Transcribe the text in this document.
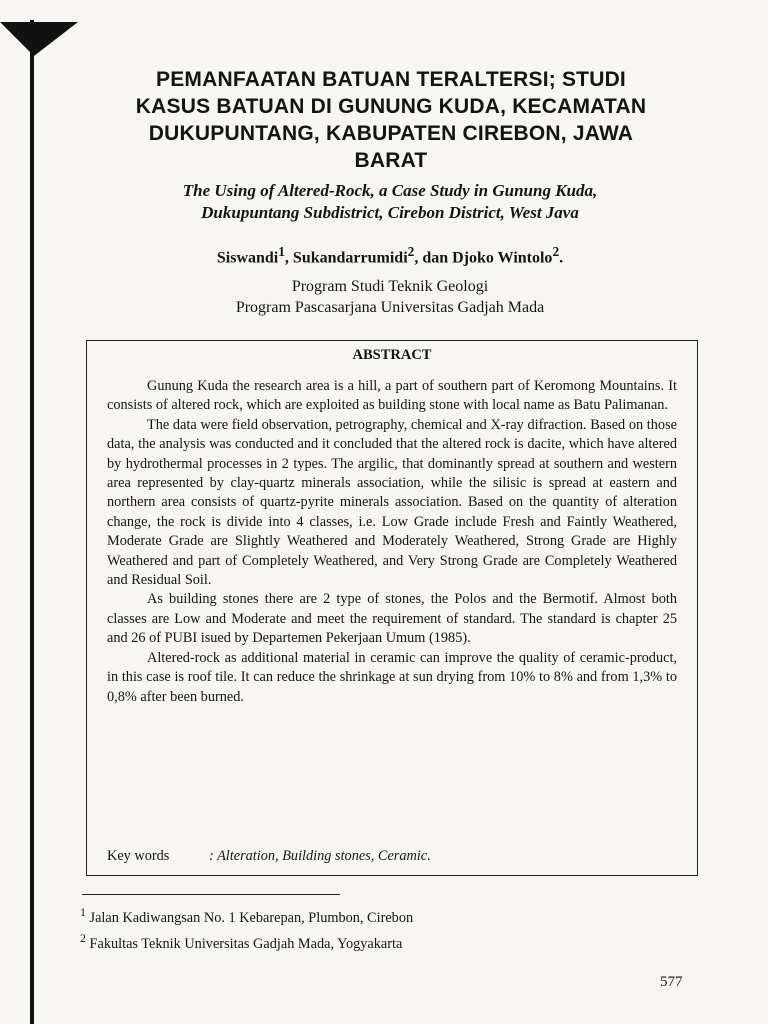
PEMANFAATAN BATUAN TERALTERSI; STUDI
KASUS BATUAN DI GUNUNG KUDA, KECAMATAN
DUKUPUNTANG, KABUPATEN CIREBON, JAWA
BARAT
The Using of Altered-Rock, a Case Study in Gunung Kuda,
Dukupuntang Subdistrict, Cirebon District, West Java
Siswandi$^1$, Sukandarrumidi$^2$, dan Djoko Wintolo$^2$.
Program Studi Teknik Geologi
Program Pascasarjana Universitas Gadjah Mada
ABSTRACT

Gunung Kuda the research area is a hill, a part of southern part of Keromong Mountains. It consists of altered rock, which are exploited as building stone with local name as Batu Palimanan.

The data were field observation, petrography, chemical and X-ray difraction. Based on those data, the analysis was conducted and it concluded that the altered rock is dacite, which have altered by hydrothermal processes in 2 types. The argilic, that dominantly spread at southern and western area represented by clay-quartz minerals association, while the silisic is spread at eastern and northern area consists of quartz-pyrite minerals association. Based on the quantity of alteration change, the rock is divide into 4 classes, i.e. Low Grade include Fresh and Faintly Weathered, Moderate Grade are Slightly Weathered and Moderately Weathered, Strong Grade are Highly Weathered and part of Completely Weathered, and Very Strong Grade are Completely Weathered and Residual Soil.

As building stones there are 2 type of stones, the Polos and the Bermotif. Almost both classes are Low and Moderate and meet the requirement of standard. The standard is chapter 25 and 26 of PUBI isued by Departemen Pekerjaan Umum (1985).

Altered-rock as additional material in ceramic can improve the quality of ceramic-product, in this case is roof tile. It can reduce the shrinkage at sun drying from 10% to 8% and from 1,3% to 0,8% after been burned.

Key words	: Alteration, Building stones, Ceramic.
$^1$ Jalan Kadiwangsan No. 1 Kebarepan, Plumbon, Cirebon
$^2$ Fakultas Teknik Universitas Gadjah Mada, Yogyakarta
577
